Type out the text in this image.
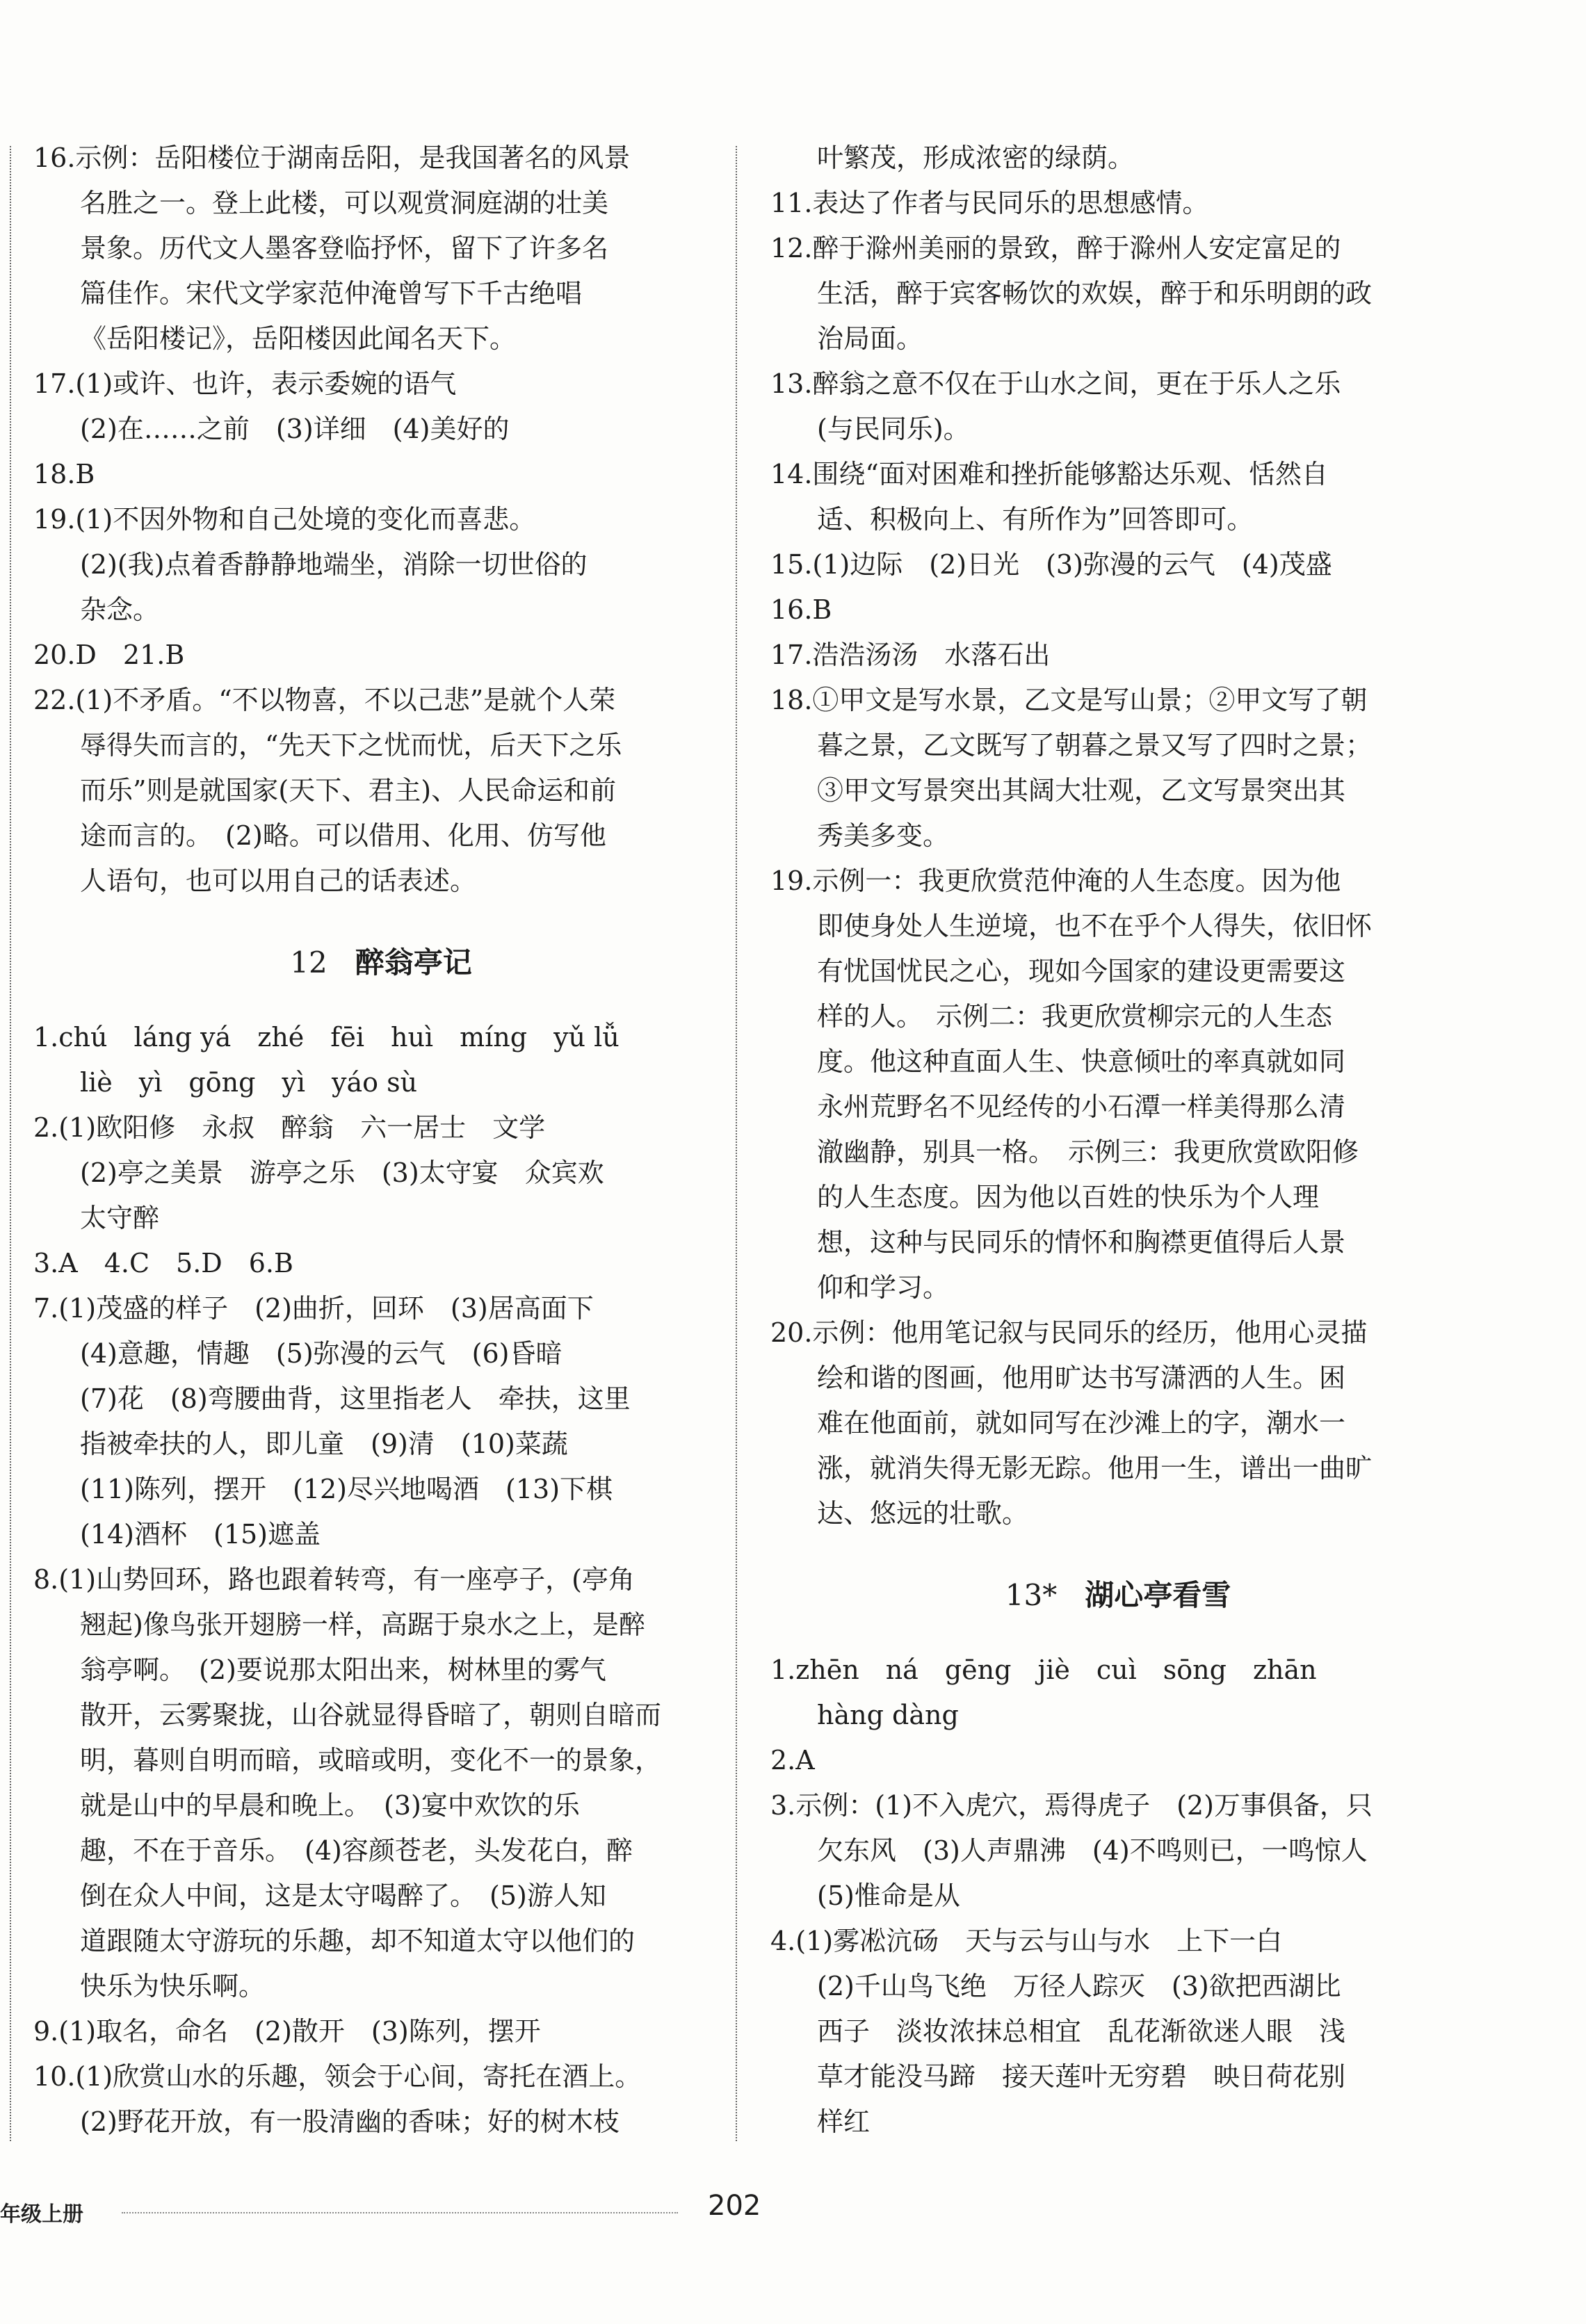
16.示例：岳阳楼位于湖南岳阳，是我国著名的风景
名胜之一。登上此楼，可以观赏洞庭湖的壮美
景象。历代文人墨客登临抒怀，留下了许多名
篇佳作。宋代文学家范仲淹曾写下千古绝唱
《岳阳楼记》，岳阳楼因此闻名天下。
17.(1)或许、也许，表示委婉的语气
(2)在……之前　(3)详细　(4)美好的
18.B
19.(1)不因外物和自己处境的变化而喜悲。
(2)(我)点着香静静地端坐，消除一切世俗的
杂念。
20.D　21.B
22.(1)不矛盾。“不以物喜，不以己悲”是就个人荣
辱得失而言的，“先天下之忧而忧，后天下之乐
而乐”则是就国家(天下、君主)、人民命运和前
途而言的。　(2)略。可以借用、化用、仿写他
人语句，也可以用自己的话表述。
12 醉翁亭记
1.chú　láng yá　zhé　fēi　huì　míng　yǔ lǚ
liè　yì　gōng　yì　yáo sù
2.(1)欧阳修　永叔　醉翁　六一居士　文学
(2)亭之美景　游亭之乐　(3)太守宴　众宾欢
太守醉
3.A　4.C　5.D　6.B
7.(1)茂盛的样子　(2)曲折，回环　(3)居高面下
(4)意趣，情趣　(5)弥漫的云气　(6)昏暗
(7)花　(8)弯腰曲背，这里指老人　牵扶，这里
指被牵扶的人，即儿童　(9)清　(10)菜蔬
(11)陈列，摆开　(12)尽兴地喝酒　(13)下棋
(14)酒杯　(15)遮盖
8.(1)山势回环，路也跟着转弯，有一座亭子，(亭角
翘起)像鸟张开翅膀一样，高踞于泉水之上，是醉
翁亭啊。　(2)要说那太阳出来，树林里的雾气
散开，云雾聚拢，山谷就显得昏暗了，朝则自暗而
明，暮则自明而暗，或暗或明，变化不一的景象，
就是山中的早晨和晚上。　(3)宴中欢饮的乐
趣，不在于音乐。　(4)容颜苍老，头发花白，醉
倒在众人中间，这是太守喝醉了。　(5)游人知
道跟随太守游玩的乐趣，却不知道太守以他们的
快乐为快乐啊。
9.(1)取名，命名　(2)散开　(3)陈列，摆开
10.(1)欣赏山水的乐趣，领会于心间，寄托在酒上。
(2)野花开放，有一股清幽的香味；好的树木枝
叶繁茂，形成浓密的绿荫。
11.表达了作者与民同乐的思想感情。
12.醉于滁州美丽的景致，醉于滁州人安定富足的
生活，醉于宾客畅饮的欢娱，醉于和乐明朗的政
治局面。
13.醉翁之意不仅在于山水之间，更在于乐人之乐
(与民同乐)。
14.围绕“面对困难和挫折能够豁达乐观、恬然自
适、积极向上、有所作为”回答即可。
15.(1)边际　(2)日光　(3)弥漫的云气　(4)茂盛
16.B
17.浩浩汤汤　水落石出
18.①甲文是写水景，乙文是写山景；②甲文写了朝
暮之景，乙文既写了朝暮之景又写了四时之景；
③甲文写景突出其阔大壮观，乙文写景突出其
秀美多变。
19.示例一：我更欣赏范仲淹的人生态度。因为他
即使身处人生逆境，也不在乎个人得失，依旧怀
有忧国忧民之心，现如今国家的建设更需要这
样的人。　示例二：我更欣赏柳宗元的人生态
度。他这种直面人生、快意倾吐的率真就如同
永州荒野名不见经传的小石潭一样美得那么清
澈幽静，别具一格。　示例三：我更欣赏欧阳修
的人生态度。因为他以百姓的快乐为个人理
想，这种与民同乐的情怀和胸襟更值得后人景
仰和学习。
20.示例：他用笔记叙与民同乐的经历，他用心灵描
绘和谐的图画，他用旷达书写潇洒的人生。困
难在他面前，就如同写在沙滩上的字，潮水一
涨，就消失得无影无踪。他用一生，谱出一曲旷
达、悠远的壮歌。
13* 湖心亭看雪
1.zhēn　ná　gēng　jiè　cuì　sōng　zhān
hàng dàng
2.A
3.示例：(1)不入虎穴，焉得虎子　(2)万事俱备，只
欠东风　(3)人声鼎沸　(4)不鸣则已，一鸣惊人
(5)惟命是从
4.(1)雾凇沆砀　天与云与山与水　上下一白
(2)千山鸟飞绝　万径人踪灭　(3)欲把西湖比
西子　淡妆浓抹总相宜　乱花渐欲迷人眼　浅
草才能没马蹄　接天莲叶无穷碧　映日荷花别
样红
年级上册	202
